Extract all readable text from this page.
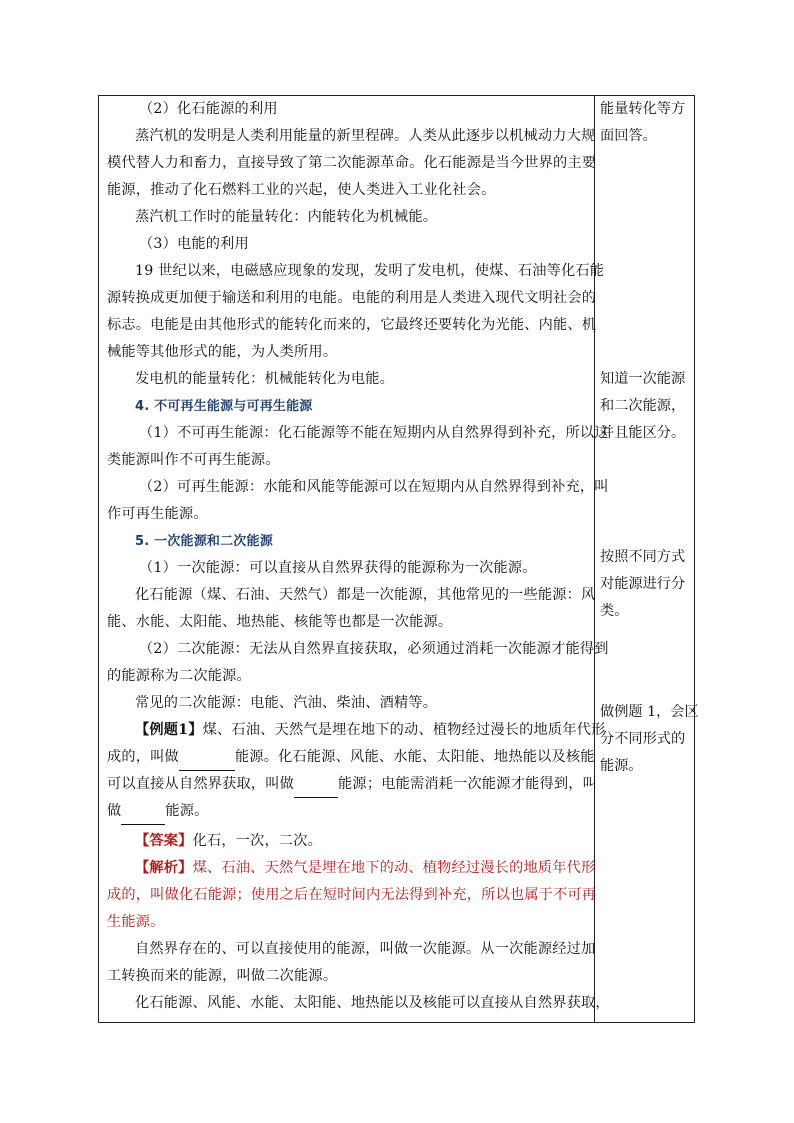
（2）化石能源的利用
蒸汽机的发明是人类利用能量的新里程碑。人类从此逐步以机械动力大规
模代替人力和畜力，直接导致了第二次能源革命。化石能源是当今世界的主要
能源，推动了化石燃料工业的兴起，使人类进入工业化社会。
蒸汽机工作时的能量转化：内能转化为机械能。
（3）电能的利用
19 世纪以来，电磁感应现象的发现，发明了发电机，使煤、石油等化石能
源转换成更加便于输送和利用的电能。电能的利用是人类进入现代文明社会的
标志。电能是由其他形式的能转化而来的，它最终还要转化为光能、内能、机
械能等其他形式的能，为人类所用。
发电机的能量转化：机械能转化为电能。
4. 不可再生能源与可再生能源
（1）不可再生能源：化石能源等不能在短期内从自然界得到补充，所以这
类能源叫作不可再生能源。
（2）可再生能源：水能和风能等能源可以在短期内从自然界得到补充，叫
作可再生能源。
5. 一次能源和二次能源
（1）一次能源：可以直接从自然界获得的能源称为一次能源。
化石能源（煤、石油、天然气）都是一次能源，其他常见的一些能源：风
能、水能、太阳能、地热能、核能等也都是一次能源。
（2）二次能源：无法从自然界直接获取，必须通过消耗一次能源才能得到
的能源称为二次能源。
常见的二次能源：电能、汽油、柴油、酒精等。
【例题1】煤、石油、天然气是埋在地下的动、植物经过漫长的地质年代形
成的，叫做	能源。化石能源、风能、水能、太阳能、地热能以及核能
可以直接从自然界获取，叫做	能源；电能需消耗一次能源才能得到，叫
做	能源。
【答案】化石，一次，二次。
【解析】煤、石油、天然气是埋在地下的动、植物经过漫长的地质年代形
成的，叫做化石能源；使用之后在短时间内无法得到补充，所以也属于不可再
生能源。
自然界存在的、可以直接使用的能源，叫做一次能源。从一次能源经过加
工转换而来的能源，叫做二次能源。
化石能源、风能、水能、太阳能、地热能以及核能可以直接从自然界获取，
能量转化等方
面回答。
知道一次能源
和二次能源，
并且能区分。
按照不同方式
对能源进行分
类。
做例题 1，会区
分不同形式的
能源。
